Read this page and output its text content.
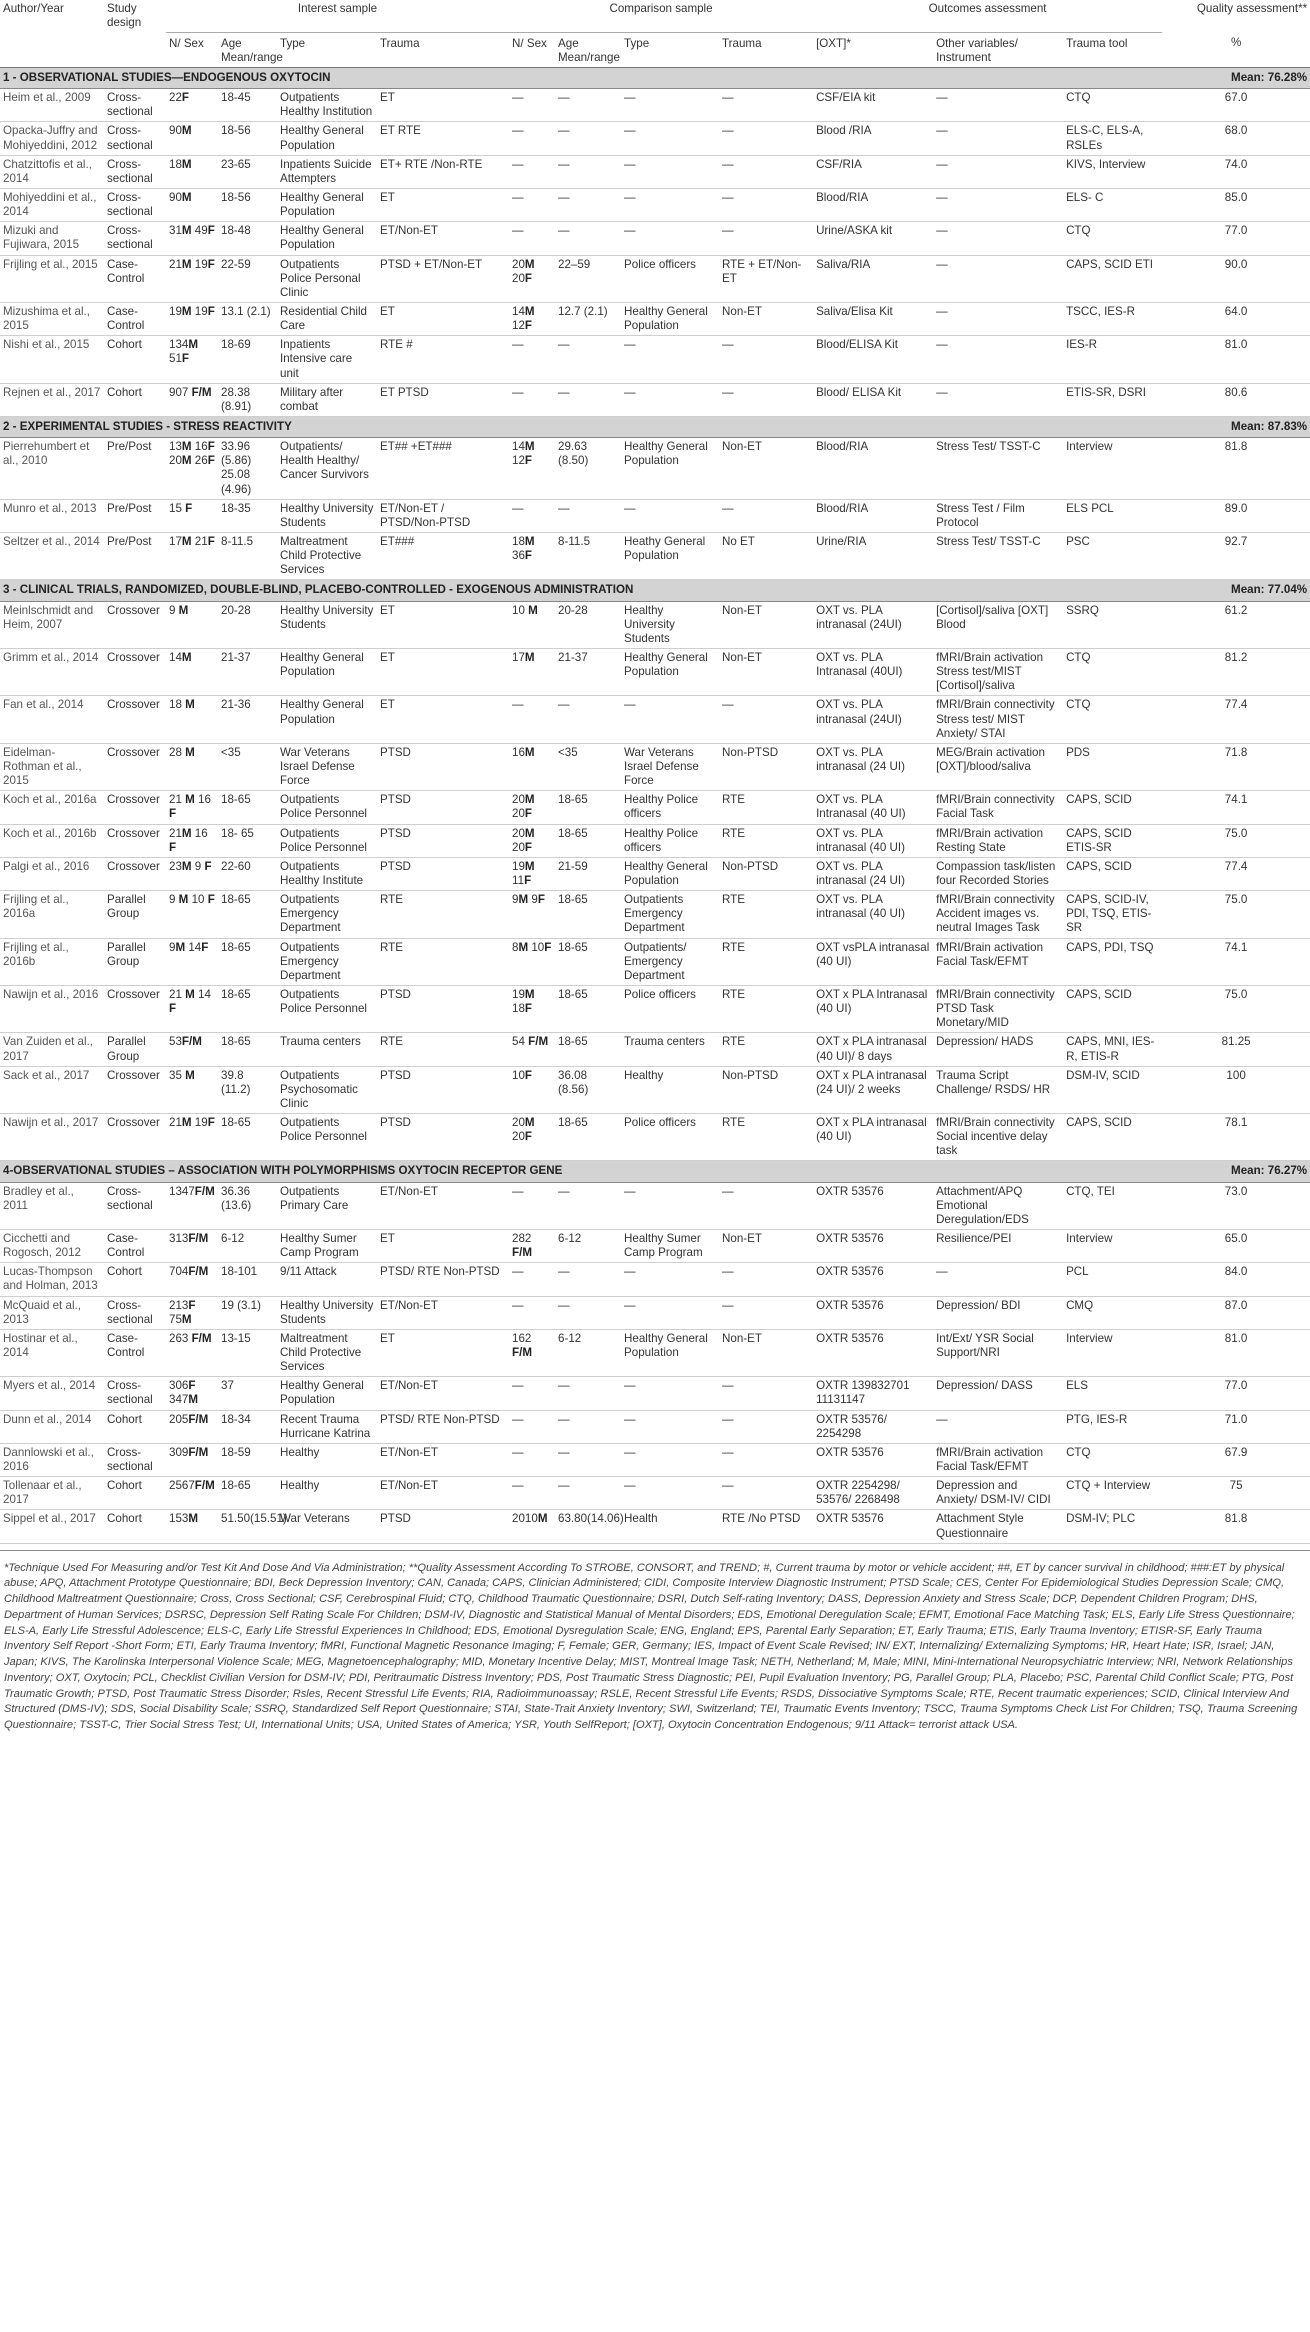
Author/Year	Study design	Interest sample				Comparison sample				Outcomes assessment			Quality assessment**
		N/ Sex	Age Mean/range	Type	Trauma	N/ Sex	Age Mean/range	Type	Trauma	[OXT]*	Other variables/ Instrument	Trauma tool	%
1 - OBSERVATIONAL STUDIES—ENDOGENOUS OXYTOCIN												Mean: 76.28%	
Heim et al., 2009	Cross-sectional	22F	18-45	Outpatients Healthy Institution	ET	—	—	—	—	CSF/EIA kit	—	CTQ	67.0
Opacka-Juffry and Mohiyeddini, 2012	Cross-sectional	90M	18-56	Healthy General Population	ET RTE	—	—	—	—	Blood /RIA	—	ELS-C, ELS-A, RSLEs	68.0
Chatzittofis et al., 2014	Cross-sectional	18M	23-65	Inpatients Suicide Attempters	ET+ RTE /Non-RTE	—	—	—	—	CSF/RIA	—	KIVS, Interview	74.0
Mohiyeddini et al., 2014	Cross-sectional	90M	18-56	Healthy General Population	ET	—	—	—	—	Blood/RIA	—	ELS- C	85.0
Mizuki and Fujiwara, 2015	Cross-sectional	31M 49F	18-48	Healthy General Population	ET/Non-ET	—	—	—	—	Urine/ASKA kit	—	CTQ	77.0
Frijling et al., 2015	Case-Control	21M 19F	22-59	Outpatients Police Personal Clinic	PTSD + ET/Non-ET	20M 20F	22–59	Police officers	RTE + ET/Non-ET	Saliva/RIA	—	CAPS, SCID ETI	90.0
Mizushima et al., 2015	Case-Control	19M 19F	13.1 (2.1)	Residential Child Care	ET	14M 12F	12.7 (2.1)	Healthy General Population	Non-ET	Saliva/Elisa Kit	—	TSCC, IES-R	64.0
Nishi et al., 2015	Cohort	134M 51F	18-69	Inpatients Intensive care unit	RTE #	—	—	—	—	Blood/ELISA Kit	—	IES-R	81.0
Rejnen et al., 2017	Cohort	907 F/M	28.38 (8.91)	Military after combat	ET PTSD	—	—	—	—	Blood/ ELISA Kit	—	ETIS-SR, DSRI	80.6
2 - EXPERIMENTAL STUDIES - STRESS REACTIVITY												Mean: 87.83%	
Pierrehumbert et al., 2010	Pre/Post	13M 16F 20M 26F	33.96 (5.86) 25.08 (4.96)	Outpatients/ Health Healthy/ Cancer Survivors	ET## +ET###	14M 12F	29.63 (8.50)	Healthy General Population	Non-ET	Blood/RIA	Stress Test/ TSST-C	Interview	81.8
Munro et al., 2013	Pre/Post	15 F	18-35	Healthy University Students	ET/Non-ET / PTSD/Non-PTSD	—	—	—	—	Blood/RIA	Stress Test / Film Protocol	ELS PCL	89.0
Seltzer et al., 2014	Pre/Post	17M 21F	8-11.5	Maltreatment Child Protective Services	ET###	18M 36F	8-11.5	Heathy General Population	No ET	Urine/RIA	Stress Test/ TSST-C	PSC	92.7
3 - CLINICAL TRIALS, RANDOMIZED, DOUBLE-BLIND, PLACEBO-CONTROLLED - EXOGENOUS ADMINISTRATION												Mean: 77.04%	
Meinlschmidt and Heim, 2007	Crossover	9 M	20-28	Healthy University Students	ET	10 M	20-28	Healthy University Students	Non-ET	OXT vs. PLA intranasal (24UI)	[Cortisol]/saliva [OXT] Blood	SSRQ	61.2
Grimm et al., 2014	Crossover	14M	21-37	Healthy General Population	ET	17M	21-37	Healthy General Population	Non-ET	OXT vs. PLA Intranasal (40UI)	fMRI/Brain activation Stress test/MIST [Cortisol]/saliva	CTQ	81.2
Fan et al., 2014	Crossover	18 M	21-36	Healthy General Population	ET	—	—	—	—	OXT vs. PLA intranasal (24UI)	fMRI/Brain connectivity Stress test/ MIST Anxiety/ STAI	CTQ	77.4
Eidelman-Rothman et al., 2015	Crossover	28 M	<35	War Veterans Israel Defense Force	PTSD	16M	<35	War Veterans Israel Defense Force	Non-PTSD	OXT vs. PLA intranasal (24 UI)	MEG/Brain activation [OXT]/blood/saliva	PDS	71.8
Koch et al., 2016a	Crossover	21 M 16 F	18-65	Outpatients Police Personnel	PTSD	20M 20F	18-65	Healthy Police officers	RTE	OXT vs. PLA Intranasal (40 UI)	fMRI/Brain connectivity Facial Task	CAPS, SCID	74.1
Koch et al., 2016b	Crossover	21M 16 F	18- 65	Outpatients Police Personnel	PTSD	20M 20F	18-65	Healthy Police officers	RTE	OXT vs. PLA intranasal (40 UI)	fMRI/Brain activation Resting State	CAPS, SCID ETIS-SR	75.0
Palgi et al., 2016	Crossover	23M 9 F	22-60	Outpatients Healthy Institute	PTSD	19M 11F	21-59	Healthy General Population	Non-PTSD	OXT vs. PLA intranasal (24 UI)	Compassion task/listen four Recorded Stories	CAPS, SCID	77.4
Frijling et al., 2016a	Parallel Group	9 M 10 F	18-65	Outpatients Emergency Department	RTE	9M 9F	18-65	Outpatients Emergency Department	RTE	OXT vs. PLA intranasal (40 UI)	fMRI/Brain connectivity Accident images vs. neutral Images Task	CAPS, SCID-IV, PDI, TSQ, ETIS-SR	75.0
Frijling et al., 2016b	Parallel Group	9M 14F	18-65	Outpatients Emergency Department	RTE	8M 10F	18-65	Outpatients/ Emergency Department	RTE	OXT vsPLA intranasal (40 UI)	fMRI/Brain activation Facial Task/EFMT	CAPS, PDI, TSQ	74.1
Nawijn et al., 2016	Crossover	21 M 14 F	18-65	Outpatients Police Personnel	PTSD	19M 18F	18-65	Police officers	RTE	OXT x PLA Intranasal (40 UI)	fMRI/Brain connectivity PTSD Task Monetary/MID	CAPS, SCID	75.0
Van Zuiden et al., 2017	Parallel Group	53F/M	18-65	Trauma centers	RTE	54 F/M	18-65	Trauma centers	RTE	OXT x PLA intranasal (40 UI)/ 8 days	Depression/ HADS	CAPS, MNI, IES-R, ETIS-R	81.25
Sack et al., 2017	Crossover	35 M	39.8 (11.2)	Outpatients Psychosomatic Clinic	PTSD	10F	36.08 (8.56)	Healthy	Non-PTSD	OXT x PLA intranasal (24 UI)/ 2 weeks	Trauma Script Challenge/ RSDS/ HR	DSM-IV, SCID	100
Nawijn et al., 2017	Crossover	21M 19F	18-65	Outpatients Police Personnel	PTSD	20M 20F	18-65	Police officers	RTE	OXT x PLA intranasal (40 UI)	fMRI/Brain connectivity Social incentive delay task	CAPS, SCID	78.1
4-OBSERVATIONAL STUDIES – ASSOCIATION WITH POLYMORPHISMS OXYTOCIN RECEPTOR GENE												Mean: 76.27%	
Bradley et al., 2011	Cross-sectional	1347F/M	36.36 (13.6)	Outpatients Primary Care	ET/Non-ET	—	—	—	—	OXTR 53576	Attachment/APQ Emotional Deregulation/EDS	CTQ, TEI	73.0
Cicchetti and Rogosch, 2012	Case-Control	313F/M	6-12	Healthy Sumer Camp Program	ET	282 F/M	6-12	Healthy Sumer Camp Program	Non-ET	OXTR 53576	Resilience/PEI	Interview	65.0
Lucas-Thompson and Holman, 2013	Cohort	704F/M	18-101	9/11 Attack	PTSD/ RTE Non-PTSD	—	—	—	—	OXTR 53576	—	PCL	84.0
McQuaid et al., 2013	Cross-sectional	213F 75M	19 (3.1)	Healthy University Students	ET/Non-ET	—	—	—	—	OXTR 53576	Depression/ BDI	CMQ	87.0
Hostinar et al., 2014	Case-Control	263 F/M	13-15	Maltreatment Child Protective Services	ET	162 F/M	6-12	Healthy General Population	Non-ET	OXTR 53576	Int/Ext/ YSR Social Support/NRI	Interview	81.0
Myers et al., 2014	Cross-sectional	306F 347M	37	Healthy General Population	ET/Non-ET	—	—	—	—	OXTR 139832701 11131147	Depression/ DASS	ELS	77.0
Dunn et al., 2014	Cohort	205F/M	18-34	Recent Trauma Hurricane Katrina	PTSD/ RTE Non-PTSD	—	—	—	—	OXTR 53576/ 2254298	—	PTG, IES-R	71.0
Dannlowski et al., 2016	Cross-sectional	309F/M	18-59	Healthy	ET/Non-ET	—	—	—	—	OXTR 53576	fMRI/Brain activation Facial Task/EFMT	CTQ	67.9
Tollenaar et al., 2017	Cohort	2567F/M	18-65	Healthy	ET/Non-ET	—	—	—	—	OXTR 2254298/ 53576/ 2268498	Depression and Anxiety/ DSM-IV/ CIDI	CTQ + Interview	75
Sippel et al., 2017	Cohort	153M	51.50(15.51)	War Veterans	PTSD	2010M	63.80(14.06)	Health	RTE /No PTSD	OXTR 53576	Attachment Style Questionnaire	DSM-IV; PLC	81.8
*Technique Used For Measuring and/or Test Kit And Dose And Via Administration; **Quality Assessment According To STROBE, CONSORT, and TREND; #, Current trauma by motor or vehicle accident; ##, ET by cancer survival in childhood; ###:ET by physical abuse; APQ, Attachment Prototype Questionnaire; BDI, Beck Depression Inventory; CAN, Canada; CAPS, Clinician Administered; CIDI, Composite Interview Diagnostic Instrument; PTSD Scale; CES, Center For Epidemiological Studies Depression Scale; CMQ, Childhood Maltreatment Questionnaire; Cross, Cross Sectional; CSF, Cerebrospinal Fluid; CTQ, Childhood Traumatic Questionnaire; DSRI, Dutch Self-rating Inventory; DASS, Depression Anxiety and Stress Scale; DCP, Dependent Children Program; DHS, Department of Human Services; DSRSC, Depression Self Rating Scale For Children; DSM-IV, Diagnostic and Statistical Manual of Mental Disorders; EDS, Emotional Deregulation Scale; EFMT, Emotional Face Matching Task; ELS, Early Life Stress Questionnaire; ELS-A, Early Life Stressful Adolescence; ELS-C, Early Life Stressful Experiences In Childhood; EDS, Emotional Dysregulation Scale; ENG, England; EPS, Parental Early Separation; ET, Early Trauma; ETIS, Early Trauma Inventory; ETISR-SF, Early Trauma Inventory Self Report -Short Form; ETI, Early Trauma Inventory; fMRI, Functional Magnetic Resonance Imaging; F, Female; GER, Germany; IES, Impact of Event Scale Revised; IN/ EXT, Internalizing/ Externalizing Symptoms; HR, Heart Hate; ISR, Israel; JAN, Japan; KIVS, The Karolinska Interpersonal Violence Scale; MEG, Magnetoencephalography; MID, Monetary Incentive Delay; MIST, Montreal Image Task; NETH, Netherland; M, Male; MINI, Mini-International Neuropsychiatric Interview; NRI, Network Relationships Inventory; OXT, Oxytocin; PCL, Checklist Civilian Version for DSM-IV; PDI, Peritraumatic Distress Inventory; PDS, Post Traumatic Stress Diagnostic; PEI, Pupil Evaluation Inventory; PG, Parallel Group; PLA, Placebo; PSC, Parental Child Conflict Scale; PTG, Post Traumatic Growth; PTSD, Post Traumatic Stress Disorder; Rsles, Recent Stressful Life Events; RIA, Radioimmunoassay; RSLE, Recent Stressful Life Events; RSDS, Dissociative Symptoms Scale; RTE, Recent traumatic experiences; SCID, Clinical Interview And Structured (DMS-IV); SDS, Social Disability Scale; SSRQ, Standardized Self Report Questionnaire; STAI, State-Trait Anxiety Inventory; SWI, Switzerland; TEI, Traumatic Events Inventory; TSCC, Trauma Symptoms Check List For Children; TSQ, Trauma Screening Questionnaire; TSST-C, Trier Social Stress Test; UI, International Units; USA, United States of America; YSR, Youth SelfReport; [OXT], Oxytocin Concentration Endogenous; 9/11 Attack= terrorist attack USA.
